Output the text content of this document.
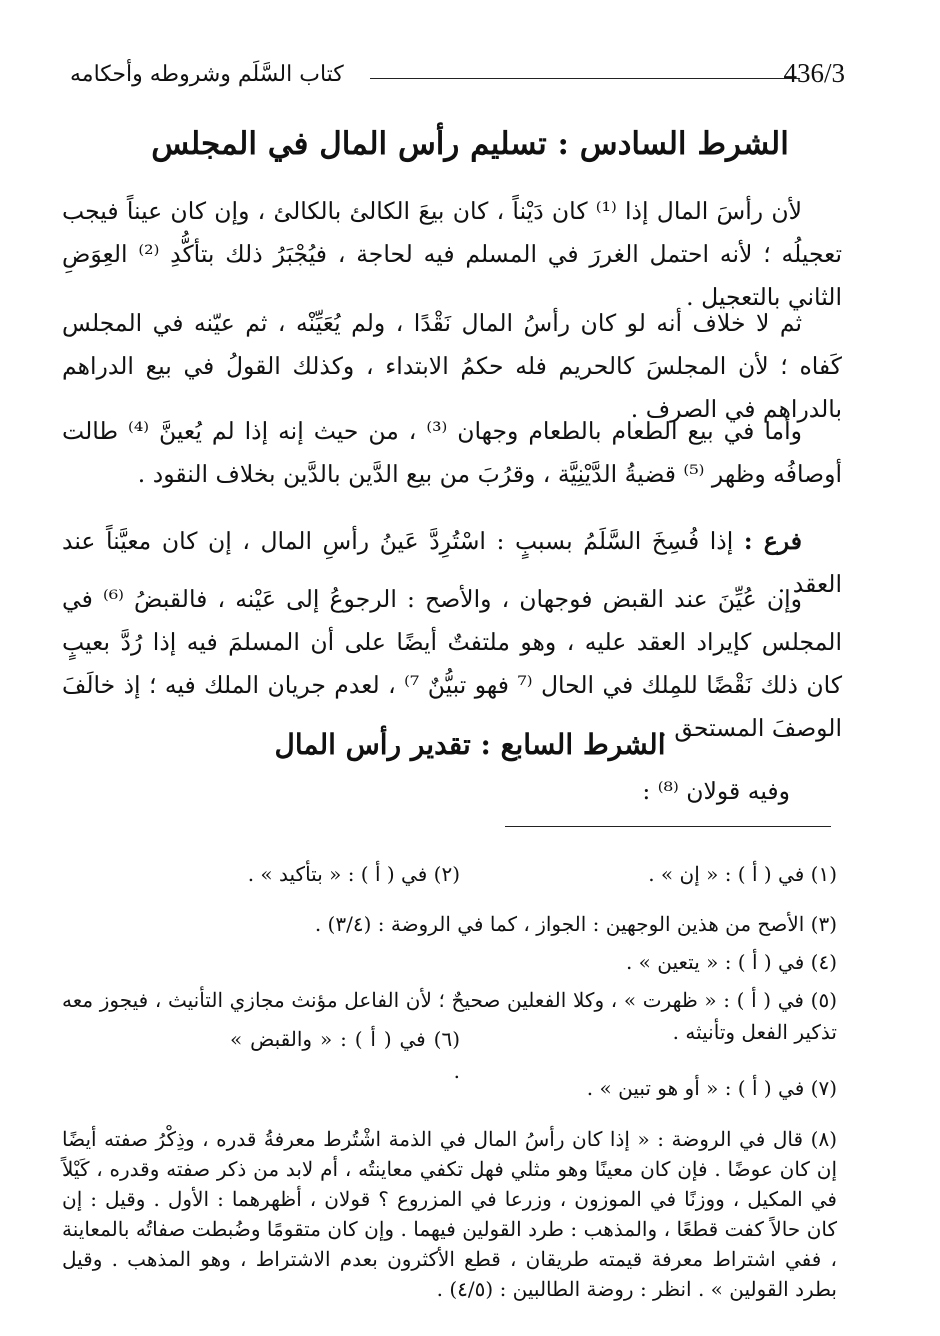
كتاب السَّلَم وشروطه وأحكامه	436/3
الشرط السادس : تسليم رأس المال في المجلس
لأن رأسَ المال إذا ⁽¹⁾ كان دَيْناً ، كان بيعَ الكالئ بالكالئ ، وإن كان عيناً فيجب تعجيلُه ؛ لأنه احتمل الغررَ في المسلم فيه لحاجة ، فيُجْبَرُ ذلك بتأكُّدِ ⁽²⁾ العِوَضِ الثاني بالتعجيل .
ثم لا خلاف أنه لو كان رأسُ المال نَقْدًا ، ولم يُعَيِّنْه ، ثم عيّنه في المجلس كَفاه ؛ لأن المجلسَ كالحريم فله حكمُ الابتداء ، وكذلك القولُ في بيع الدراهم بالدراهم في الصرف .
وأما في بيع الطعام بالطعام وجهان ⁽³⁾ ، من حيث إنه إذا لم يُعينَّ ⁽⁴⁾ طالت أوصافُه وظهر ⁽⁵⁾ قضيةُ الدَّيْنِيَّة ، وقرُبَ من بيع الدَّين بالدَّين بخلاف النقود .
فرع : إذا فُسِخَ السَّلَمُ بسببٍ : اسْتُرِدَّ عَينُ رأسِ المال ، إن كان معيَّناً عند العقد .
وإن عُيِّنَ عند القبض فوجهان ، والأصح : الرجوعُ إلى عَيْنه ، فالقبضُ ⁽⁶⁾ في المجلس كإيراد العقد عليه ، وهو ملتفتٌ أيضًا على أن المسلمَ فيه إذا رُدَّ بعيبٍ كان ذلك نَقْضًا للمِلك في الحال ⁽⁷ فهو تبيُّنٌ ⁷⁾ ، لعدم جريان الملك فيه ؛ إذ خالَفَ الوصفَ المستحق .
الشرط السابع : تقدير رأس المال
وفيه قولان ⁽⁸⁾ :
(١) في ( أ ) : « إن » .
(٢) في ( أ ) : « بتأكيد » .
(٣) الأصح من هذين الوجهين : الجواز ، كما في الروضة : (٣/٤) .
(٤) في ( أ ) : « يتعين » .
(٥) في ( أ ) : « ظهرت » ، وكلا الفعلين صحيحٌ ؛ لأن الفاعل مؤنث مجازي التأنيث ، فيجوز معه تذكير الفعل وتأنيثه .
(٦) في ( أ ) : « والقبض » .
(٧) في ( أ ) : « أو هو تبين » .
(٨) قال في الروضة : « إذا كان رأسُ المال في الذمة اشْتُرط معرفةُ قدره ، وذِكْرُ صفته أيضًا إن كان عوضًا . فإن كان معينًا وهو مثلي فهل تكفي معاينتُه ، أم لابد من ذكر صفته وقدره ، كَيْلاً في المكيل ، ووزنًا في الموزون ، وزرعا في المزروع ؟ قولان ، أظهرهما : الأول . وقيل : إن كان حالاً كفت قطعًا ، والمذهب : طرد القولين فيهما . وإن كان متقومًا وضُبطت صفاتُه بالمعاينة ، ففي اشتراط معرفة قيمته طريقان ، قطع الأكثرون بعدم الاشتراط ، وهو المذهب . وقيل بطرد القولين » . انظر : روضة الطالبين : (٤/٥) .
